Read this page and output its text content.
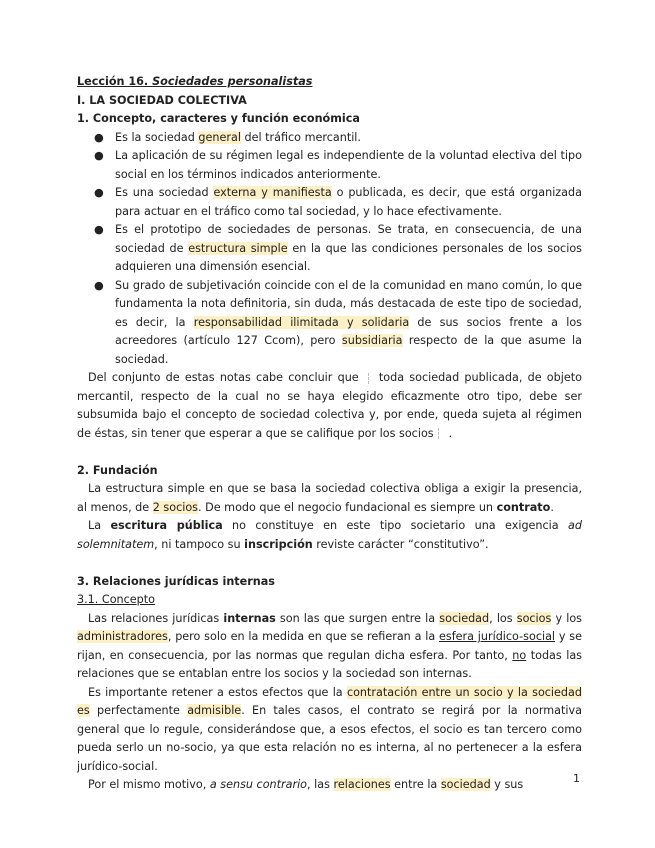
Lección 16. Sociedades personalistas
I. LA SOCIEDAD COLECTIVA
1. Concepto, caracteres y función económica
● Es la sociedad general del tráfico mercantil.
● La aplicación de su régimen legal es independiente de la voluntad electiva del tipo social en los términos indicados anteriormente.
● Es una sociedad externa y manifiesta o publicada, es decir, que está organizada para actuar en el tráfico como tal sociedad, y lo hace efectivamente.
● Es el prototipo de sociedades de personas. Se trata, en consecuencia, de una sociedad de estructura simple en la que las condiciones personales de los socios adquieren una dimensión esencial.
● Su grado de subjetivación coincide con el de la comunidad en mano común, lo que fundamenta la nota definitoria, sin duda, más destacada de este tipo de sociedad, es decir, la responsabilidad ilimitada y solidaria de sus socios frente a los acreedores (artículo 127 Ccom), pero subsidiaria respecto de la que asume la sociedad.
Del conjunto de estas notas cabe concluir que toda sociedad publicada, de objeto mercantil, respecto de la cual no se haya elegido eficazmente otro tipo, debe ser subsumida bajo el concepto de sociedad colectiva y, por ende, queda sujeta al régimen de éstas, sin tener que esperar a que se califique por los socios .
2. Fundación
La estructura simple en que se basa la sociedad colectiva obliga a exigir la presencia, al menos, de 2 socios. De modo que el negocio fundacional es siempre un contrato.
La escritura pública no constituye en este tipo societario una exigencia ad solemnitatem, ni tampoco su inscripción reviste carácter “constitutivo”.
3. Relaciones jurídicas internas
3.1. Concepto
Las relaciones jurídicas internas son las que surgen entre la sociedad, los socios y los administradores, pero solo en la medida en que se refieran a la esfera jurídico-social y se rijan, en consecuencia, por las normas que regulan dicha esfera. Por tanto, no todas las relaciones que se entablan entre los socios y la sociedad son internas.
Es importante retener a estos efectos que la contratación entre un socio y la sociedad es perfectamente admisible. En tales casos, el contrato se regirá por la normativa general que lo regule, considerándose que, a esos efectos, el socio es tan tercero como pueda serlo un no-socio, ya que esta relación no es interna, al no pertenecer a la esfera jurídico-social.
Por el mismo motivo, a sensu contrario, las relaciones entre la sociedad y sus	1
